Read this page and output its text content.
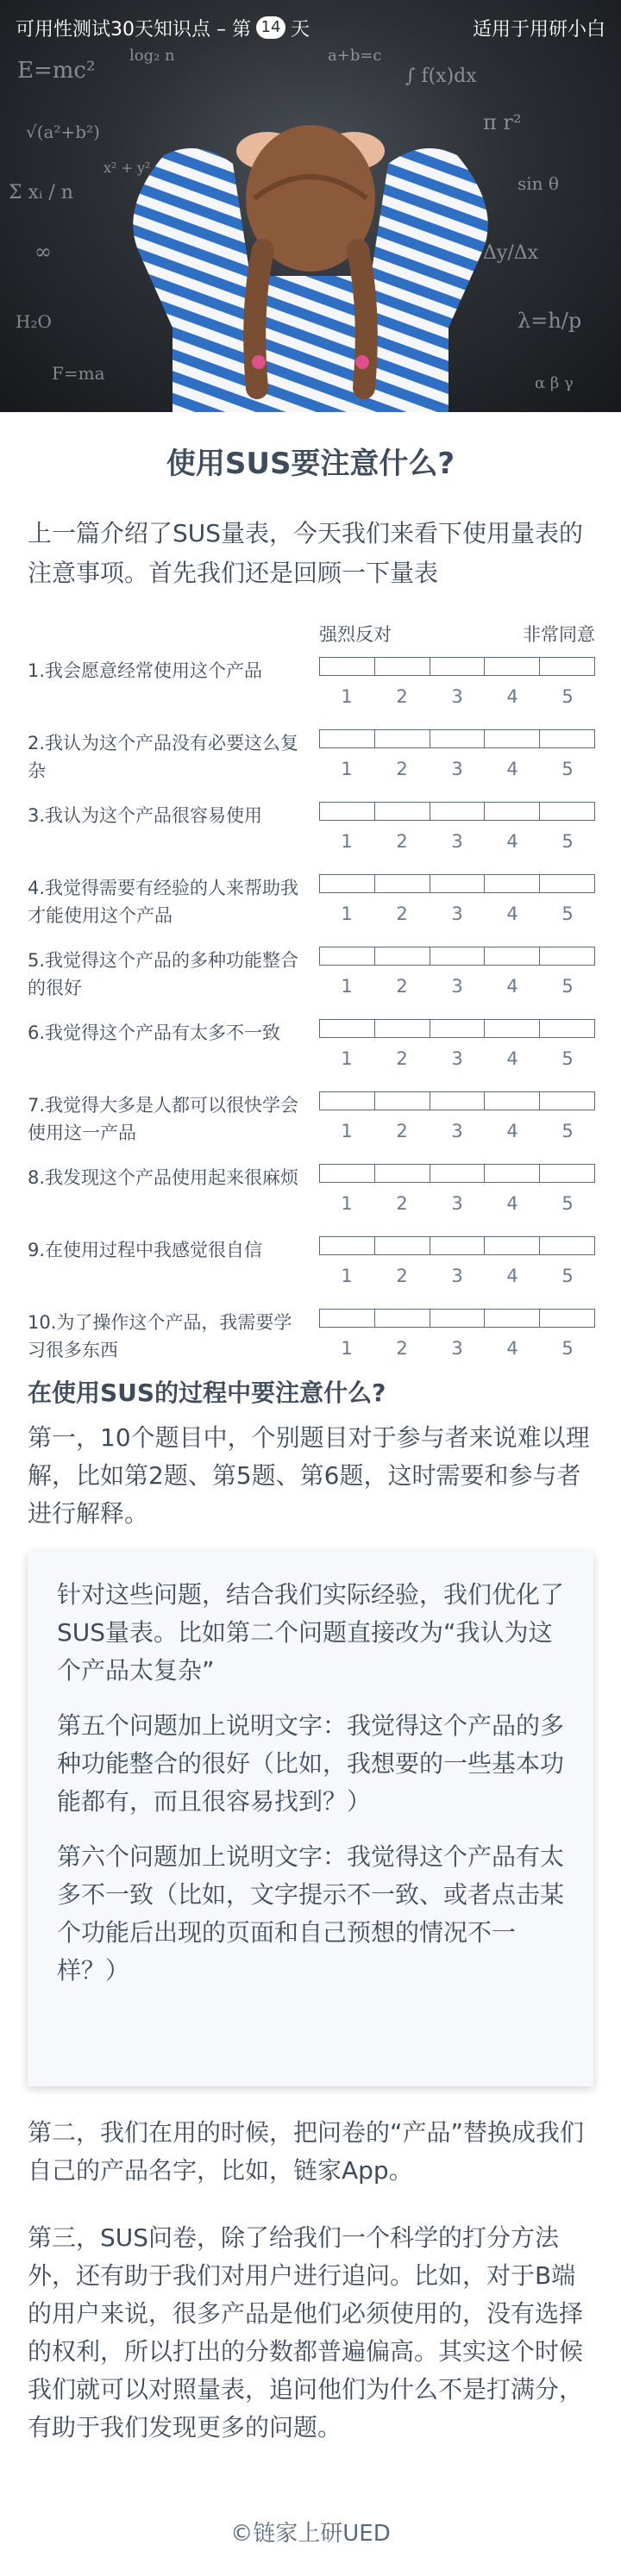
E=mc²	∫ f(x)dx
√(a²+b²)	π r²
Σ xᵢ / n	sin θ
∞	Δy/Δx
H₂O	λ=h/p
log₂ n	a+b=c
F=ma	α β γ
x² + y²
可用性测试30天知识点 – 第 14 天	适用于用研小白
使用SUS要注意什么?

上一篇介绍了SUS量表，今天我们来看下使用量表的注意事项。首先我们还是回顾一下量表

强烈反对	非常同意
1.我会愿意经常使用这个产品
1	2	3	4	5
2.我认为这个产品没有必要这么复杂	1	2	3	4	5
3.我认为这个产品很容易使用
1	2	3	4	5
4.我觉得需要有经验的人来帮助我才能使用这个产品	1	2	3	4	5
5.我觉得这个产品的多种功能整合的很好	1	2	3	4	5
6.我觉得这个产品有太多不一致
1	2	3	4	5
7.我觉得大多是人都可以很快学会使用这一产品	1	2	3	4	5
8.我发现这个产品使用起来很麻烦
1	2	3	4	5
9.在使用过程中我感觉很自信
1	2	3	4	5
10.为了操作这个产品，我需要学习很多东西	1	2	3	4	5
在使用SUS的过程中要注意什么?

第一，10个题目中，个别题目对于参与者来说难以理解，比如第2题、第5题、第6题，这时需要和参与者进行解释。

针对这些问题，结合我们实际经验，我们优化了SUS量表。比如第二个问题直接改为“我认为这个产品太复杂”

第五个问题加上说明文字：我觉得这个产品的多种功能整合的很好（比如，我想要的一些基本功能都有，而且很容易找到？）

第六个问题加上说明文字：我觉得这个产品有太多不一致（比如，文字提示不一致、或者点击某个功能后出现的页面和自己预想的情况不一样？）

第二，我们在用的时候，把问卷的“产品”替换成我们自己的产品名字，比如，链家App。

第三，SUS问卷，除了给我们一个科学的打分方法外，还有助于我们对用户进行追问。比如，对于B端的用户来说，很多产品是他们必须使用的，没有选择的权利，所以打出的分数都普遍偏高。其实这个时候我们就可以对照量表，追问他们为什么不是打满分，有助于我们发现更多的问题。

©链家上研UED
